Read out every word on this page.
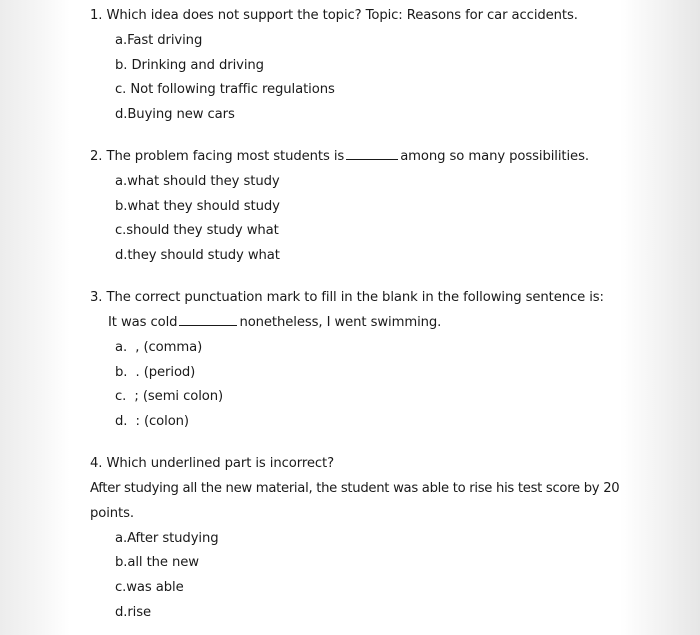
1. Which idea does not support the topic? Topic: Reasons for car accidents.
a.Fast driving
b. Drinking and driving
c. Not following traffic regulations
d.Buying new cars
2. The problem facing most students is	among so many possibilities.
a.what should they study
b.what they should study
c.should they study what
d.they should study what
3. The correct punctuation mark to fill in the blank in the following sentence is:
It was cold	nonetheless, I went swimming.
a.  , (comma)
b.  . (period)
c.  ; (semi colon)
d.  : (colon)
4. Which underlined part is incorrect?
After studying all the new material, the student was able to rise his test score by 20
points.
a.After studying
b.all the new
c.was able
d.rise
